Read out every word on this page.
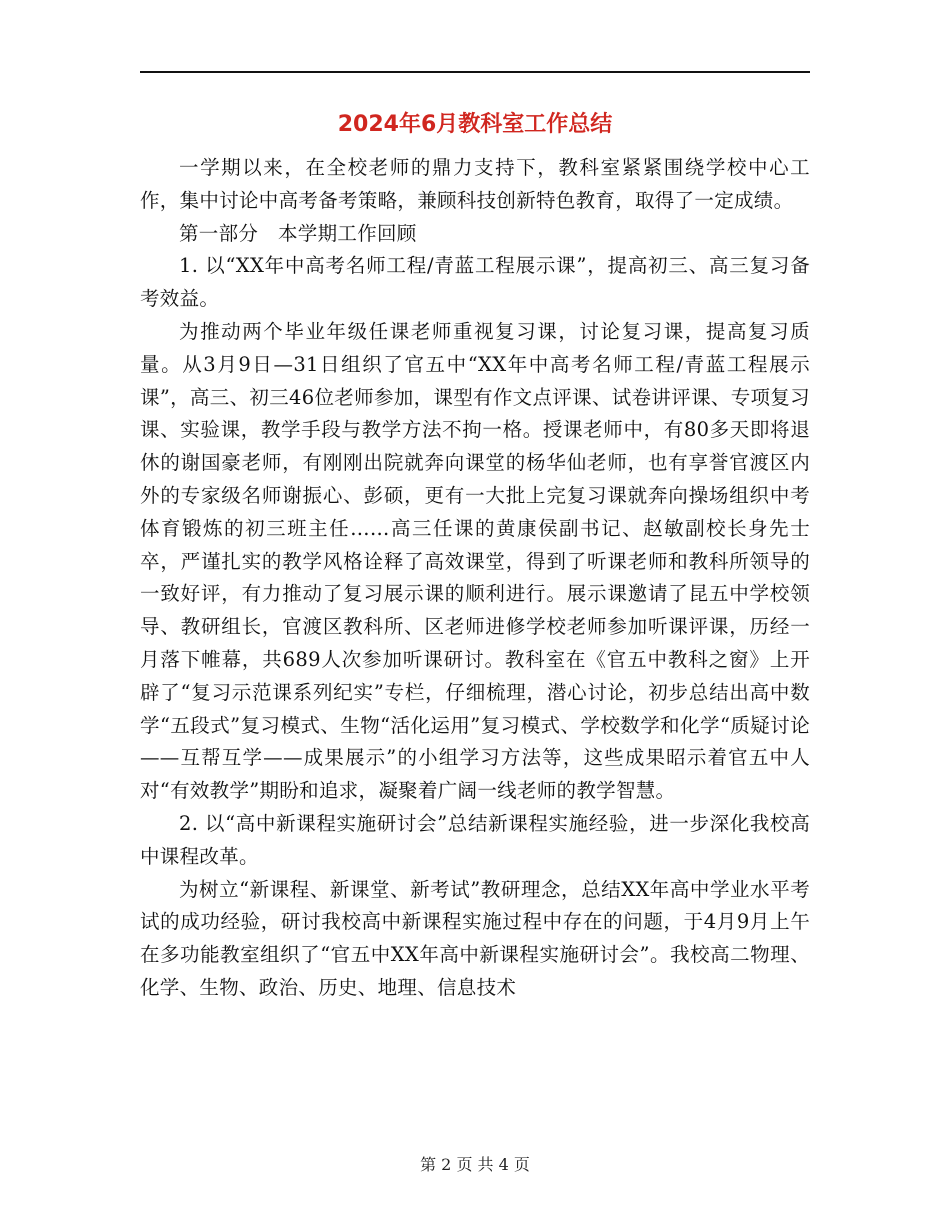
2024年6月教科室工作总结

一学期以来，在全校老师的鼎力支持下，教科室紧紧围绕学校中心工作，集中讨论中高考备考策略，兼顾科技创新特色教育，取得了一定成绩。

第一部分　本学期工作回顾

1. 以“XX年中高考名师工程/青蓝工程展示课”，提高初三、高三复习备考效益。

为推动两个毕业年级任课老师重视复习课，讨论复习课，提高复习质量。从3月9日—31日组织了官五中“XX年中高考名师工程/青蓝工程展示课”，高三、初三46位老师参加，课型有作文点评课、试卷讲评课、专项复习课、实验课，教学手段与教学方法不拘一格。授课老师中，有80多天即将退休的谢国豪老师，有刚刚出院就奔向课堂的杨华仙老师，也有享誉官渡区内外的专家级名师谢振心、彭硕，更有一大批上完复习课就奔向操场组织中考体育锻炼的初三班主任……高三任课的黄康侯副书记、赵敏副校长身先士卒，严谨扎实的教学风格诠释了高效课堂，得到了听课老师和教科所领导的一致好评，有力推动了复习展示课的顺利进行。展示课邀请了昆五中学校领导、教研组长，官渡区教科所、区老师进修学校老师参加听课评课，历经一月落下帷幕，共689人次参加听课研讨。教科室在《官五中教科之窗》上开辟了“复习示范课系列纪实”专栏，仔细梳理，潜心讨论，初步总结出高中数学“五段式”复习模式、生物“活化运用”复习模式、学校数学和化学“质疑讨论——互帮互学——成果展示”的小组学习方法等，这些成果昭示着官五中人对“有效教学”期盼和追求，凝聚着广阔一线老师的教学智慧。

2. 以“高中新课程实施研讨会”总结新课程实施经验，进一步深化我校高中课程改革。

为树立“新课程、新课堂、新考试”教研理念，总结XX年高中学业水平考试的成功经验，研讨我校高中新课程实施过程中存在的问题，于4月9月上午在多功能教室组织了“官五中XX年高中新课程实施研讨会”。我校高二物理、化学、生物、政治、历史、地理、信息技术

第 2 页 共 4 页
